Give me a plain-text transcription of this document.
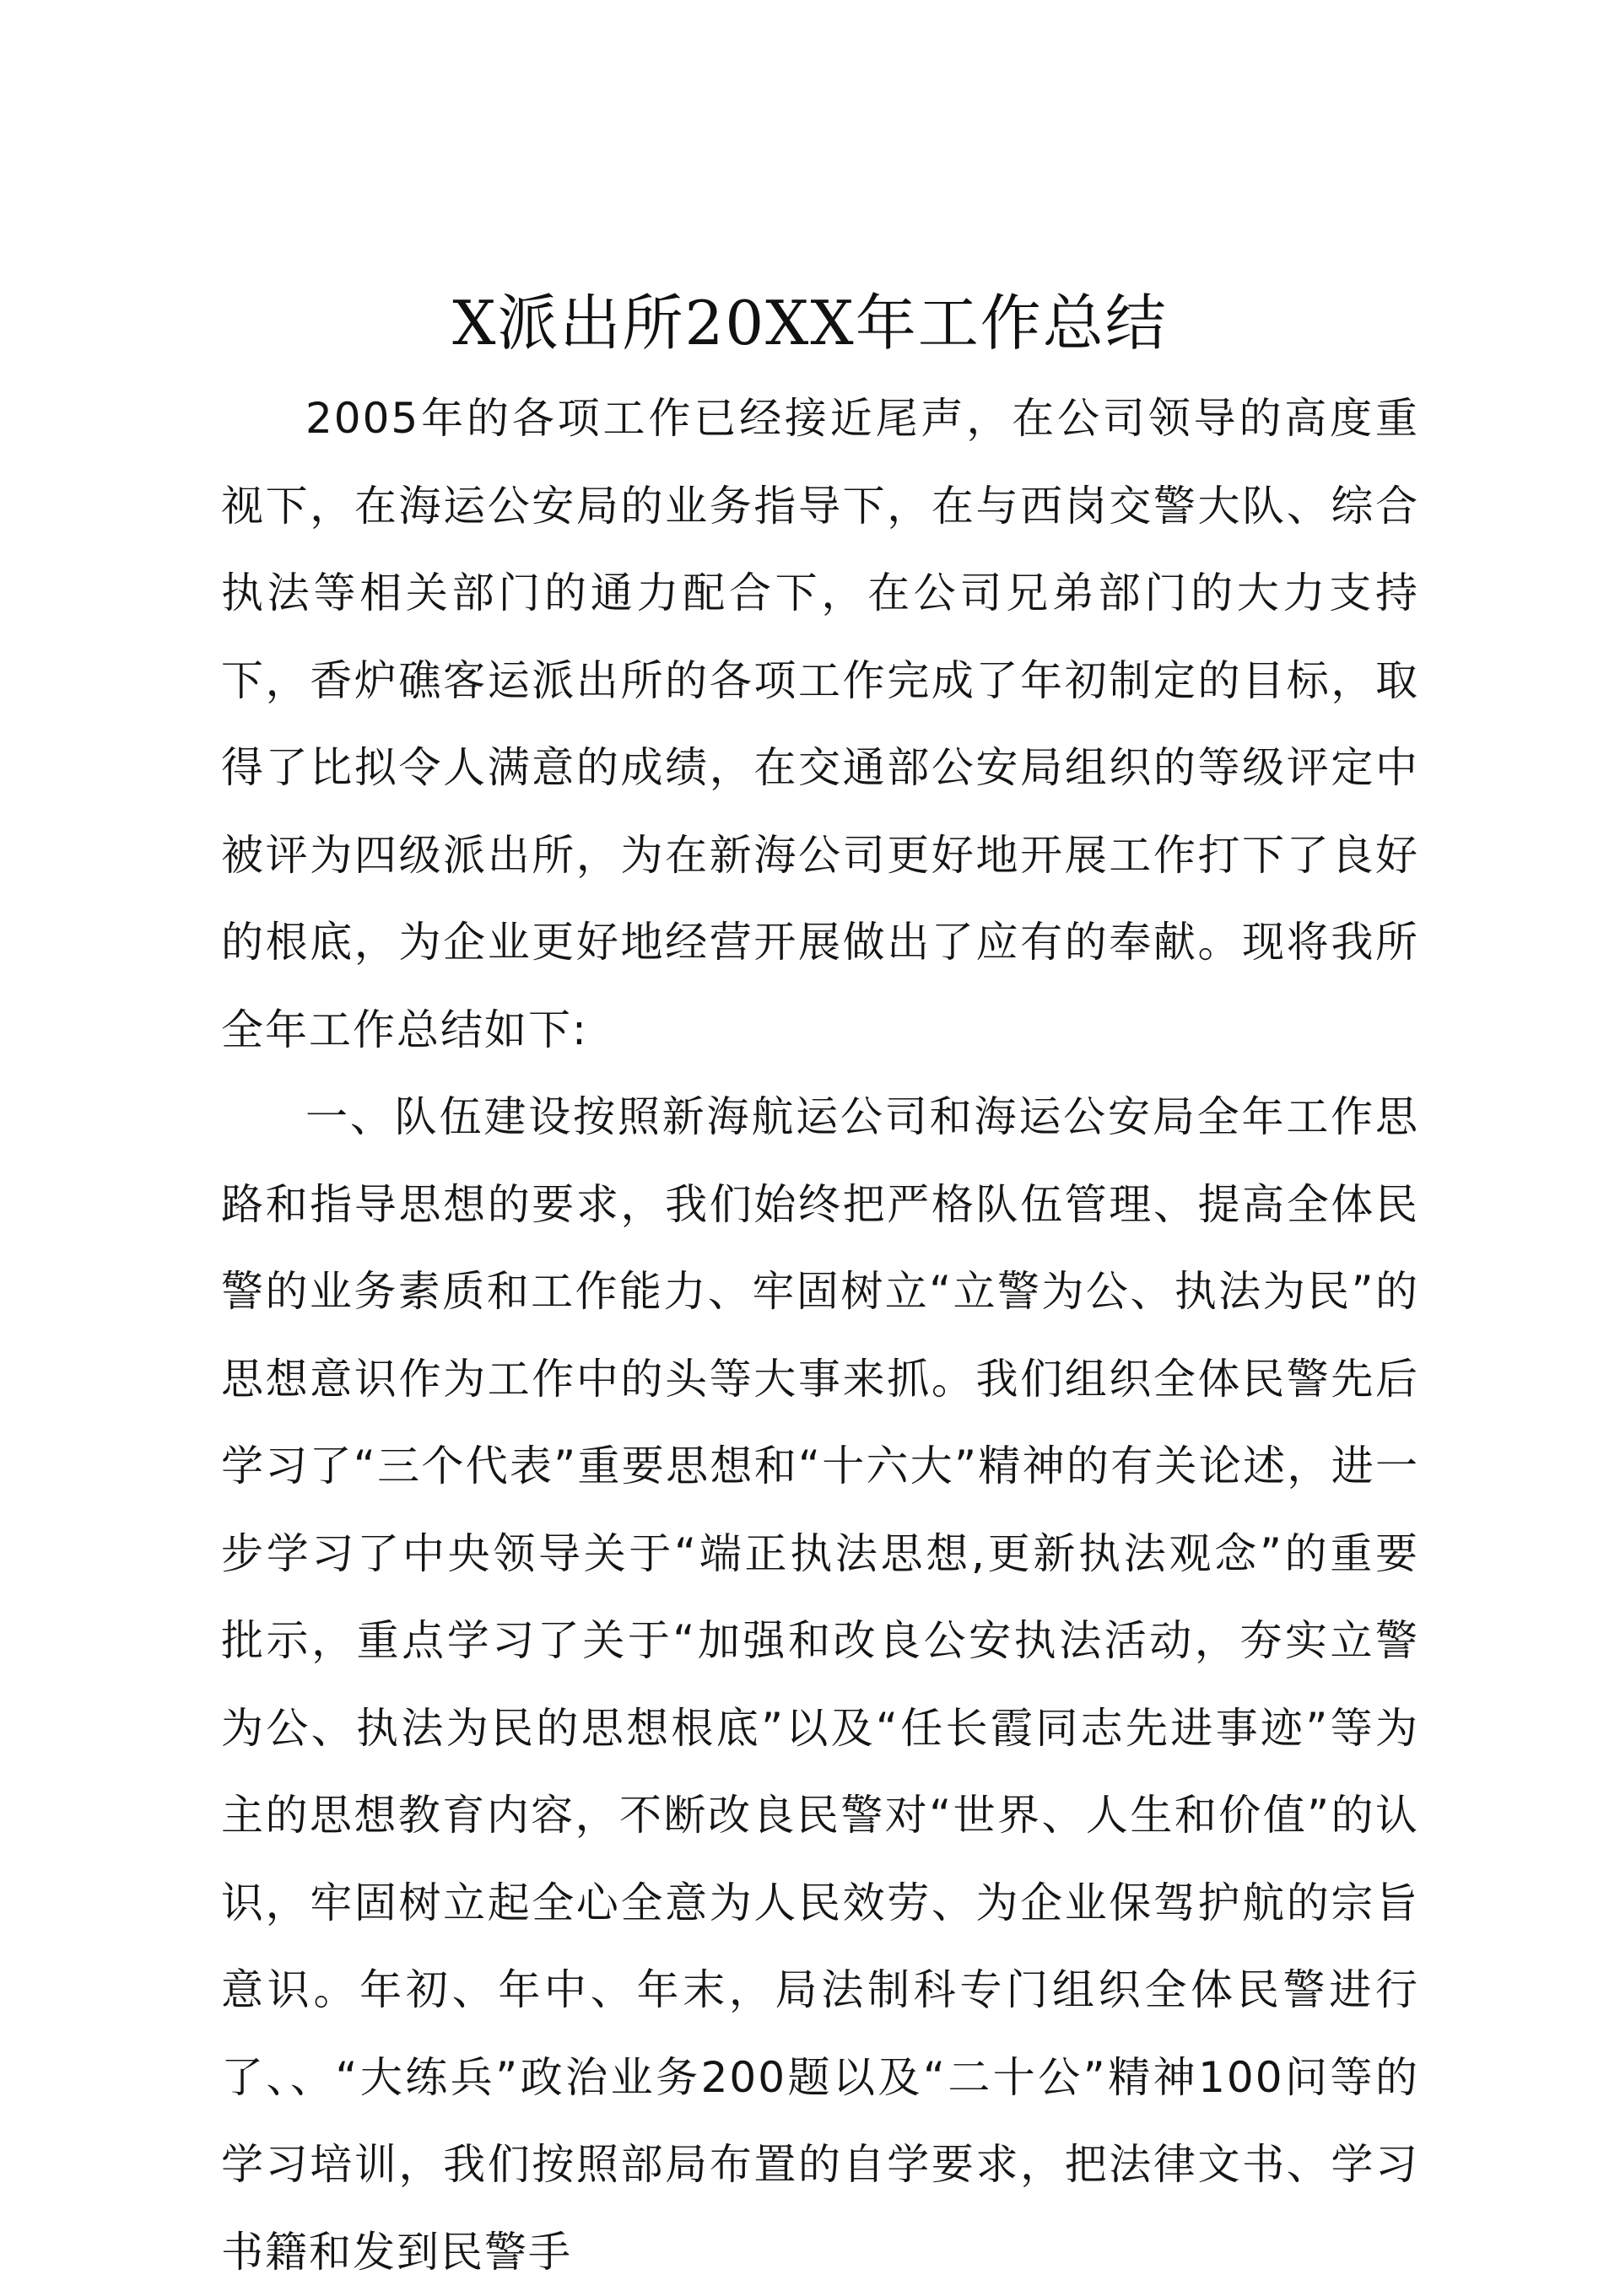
X派出所20XX年工作总结

2005年的各项工作已经接近尾声，在公司领导的高度重视下，在海运公安局的业务指导下，在与西岗交警大队、综合执法等相关部门的通力配合下，在公司兄弟部门的大力支持下，香炉礁客运派出所的各项工作完成了年初制定的目标，取得了比拟令人满意的成绩，在交通部公安局组织的等级评定中被评为四级派出所，为在新海公司更好地开展工作打下了良好的根底，为企业更好地经营开展做出了应有的奉献。现将我所全年工作总结如下:

一、队伍建设按照新海航运公司和海运公安局全年工作思路和指导思想的要求，我们始终把严格队伍管理、提高全体民警的业务素质和工作能力、牢固树立“立警为公、执法为民”的思想意识作为工作中的头等大事来抓。我们组织全体民警先后学习了“三个代表”重要思想和“十六大”精神的有关论述，进一步学习了中央领导关于“端正执法思想,更新执法观念”的重要批示，重点学习了关于“加强和改良公安执法活动，夯实立警为公、执法为民的思想根底”以及“任长霞同志先进事迹”等为主的思想教育内容，不断改良民警对“世界、人生和价值”的认识，牢固树立起全心全意为人民效劳、为企业保驾护航的宗旨意识。年初、年中、年末，局法制科专门组织全体民警进行了、、“大练兵”政治业务200题以及“二十公”精神100问等的学习培训，我们按照部局布置的自学要求，把法律文书、学习书籍和发到民警手
